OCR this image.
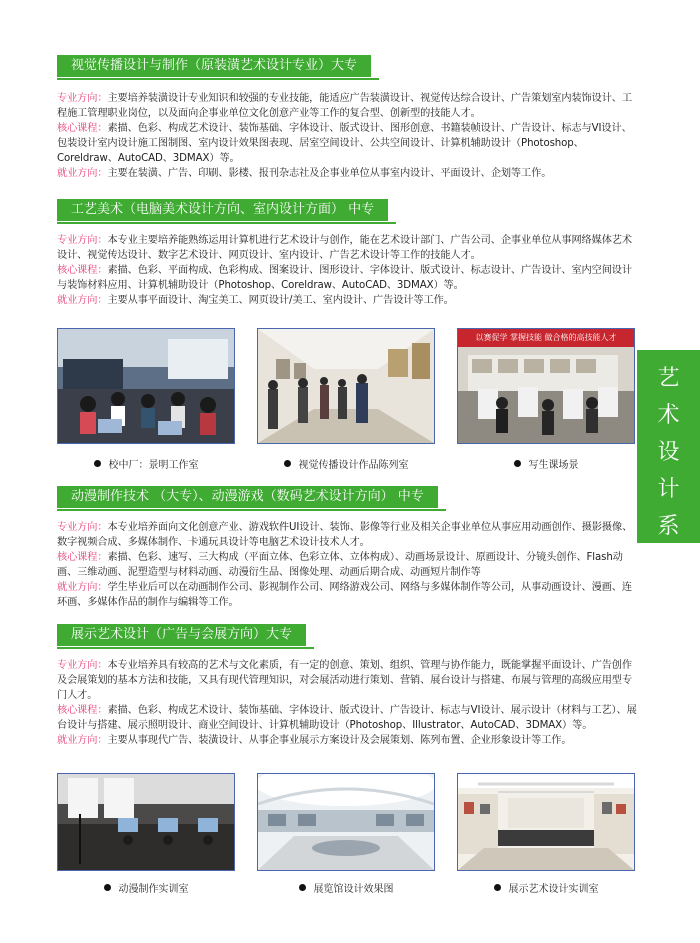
视觉传播设计与制作（原装潢艺术设计专业）大专

专业方向：主要培养装潢设计专业知识和较强的专业技能，能适应广告装潢设计、视觉传达综合设计、广告策划室内装饰设计、工程施工管理职业岗位，以及面向企事业单位文化创意产业等工作的复合型、创新型的技能人才。

核心课程：素描、色彩、构成艺术设计、装饰基础、字体设计、版式设计、图形创意、书籍装帧设计、广告设计、标志与VI设计、包装设计室内设计施工图制图、室内设计效果图表现、居室空间设计、公共空间设计、计算机辅助设计（Photoshop、Coreldraw、AutoCAD、3DMAX）等。

就业方向：主要在装潢、广告、印刷、影楼、报刊杂志社及企事业单位从事室内设计、平面设计、企划等工作。

工艺美术（电脑美术设计方向、室内设计方面） 中专

专业方向：本专业主要培养能熟练运用计算机进行艺术设计与创作，能在艺术设计部门、广告公司、企事业单位从事网络媒体艺术设计、视觉传达设计、数字艺术设计、网页设计、室内设计、广告艺术设计等工作的技能人才。

核心课程：素描、色彩、平面构成、色彩构成、图案设计、图形设计、字体设计、版式设计、标志设计、广告设计、室内空间设计与装饰材料应用、计算机辅助设计（Photoshop、Coreldraw、AutoCAD、3DMAX）等。

就业方向：主要从事平面设计、淘宝美工、网页设计/美工、室内设计、广告设计等工作。

以赛促学 掌握技能 做合格的高技能人才
校中厂：景明工作室	视觉传播设计作品陈列室	写生课场景
动漫制作技术 （大专）、动漫游戏（数码艺术设计方向） 中专

专业方向：本专业培养面向文化创意产业、游戏软件UI设计、装饰、影像等行业及相关企事业单位从事应用动画创作、摄影摄像、数字视频合成、多媒体制作、卡通玩具设计等电脑艺术设计技术人才。

核心课程：素描、色彩、速写、三大构成（平面立体、色彩立体、立体构成）、动画场景设计、原画设计、分镜头创作、Flash动画、三维动画、泥塑造型与材料动画、动漫衍生品、图像处理、动画后期合成、动画短片制作等

就业方向：学生毕业后可以在动画制作公司、影视制作公司、网络游戏公司、网络与多媒体制作等公司，从事动画设计、漫画、连环画、多媒体作品的制作与编辑等工作。

展示艺术设计（广告与会展方向）大专

专业方向：本专业培养具有较高的艺术与文化素质，有一定的创意、策划、组织、管理与协作能力，既能掌握平面设计、广告创作及会展策划的基本方法和技能，又具有现代管理知识，对会展活动进行策划、营销、展台设计与搭建、布展与管理的高级应用型专门人才。

核心课程：素描、色彩、构成艺术设计、装饰基础、字体设计、版式设计、广告设计、标志与VI设计、展示设计（材料与工艺）、展台设计与搭建、展示照明设计、商业空间设计、计算机辅助设计（Photoshop、Illustrator、AutoCAD、3DMAX）等。

就业方向：主要从事现代广告、装潢设计、从事企事业展示方案设计及会展策划、陈列布置、企业形象设计等工作。

动漫制作实训室	展览馆设计效果图	展示艺术设计实训室
艺
术
设
计
系
